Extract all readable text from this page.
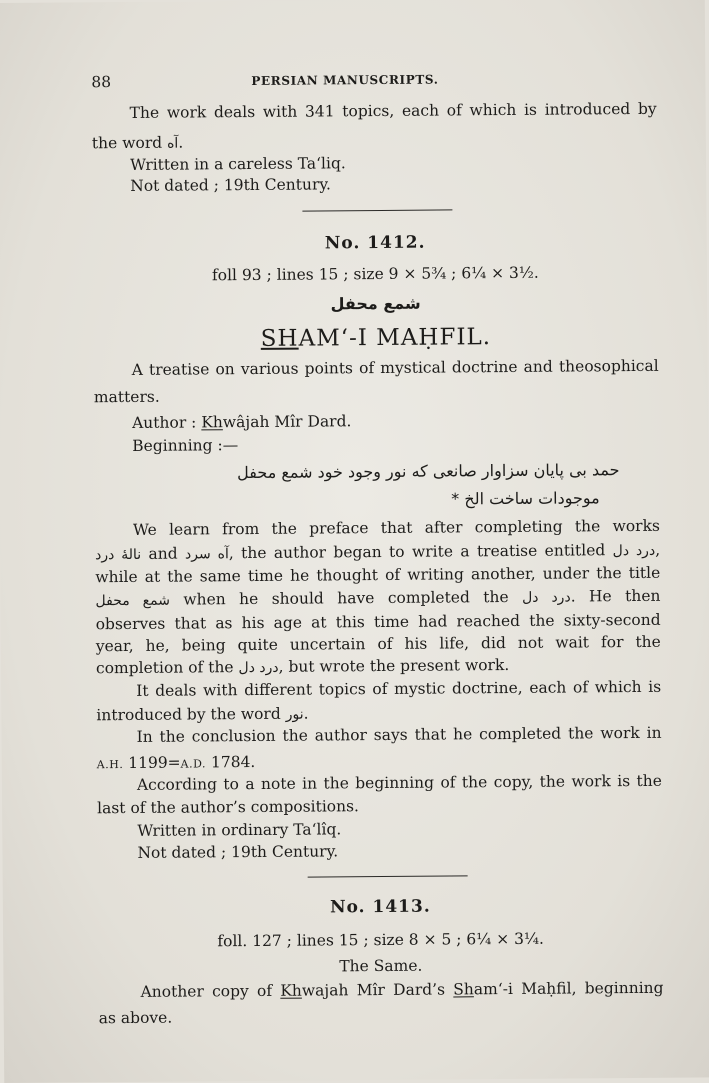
88	PERSIAN MANUSCRIPTS.
The work deals with 341 topics, each of which is introduced by
the word آه.
Written in a careless Ta‘liq.
Not dated ; 19th Century.
No. 1412.
foll 93 ; lines 15 ; size 9 × 5¾ ; 6¼ × 3½.
شمع محفل
SHAM‘-I MAḤFIL.
A treatise on various points of mystical doctrine and theosophical
matters.
Author : Khwâjah Mîr Dard.
Beginning :—
حمد بی پایان سزاوار صانعی که نور وجود خود شمع محفل
موجودات ساخت الخ *
We learn from the preface that after completing the works
نالهٔ درد and آه سرد, the author began to write a treatise entitled درد دل,
while at the same time he thought of writing another, under the title
شمع محفل when he should have completed the درد دل. He then
observes that as his age at this time had reached the sixty-second
year, he, being quite uncertain of his life, did not wait for the
completion of the درد دل, but wrote the present work.
It deals with different topics of mystic doctrine, each of which is
introduced by the word نور.
In the conclusion the author says that he completed the work in
A.H. 1199=A.D. 1784.
According to a note in the beginning of the copy, the work is the
last of the author’s compositions.
Written in ordinary Ta‘lîq.
Not dated ; 19th Century.
No. 1413.
foll. 127 ; lines 15 ; size 8 × 5 ; 6¼ × 3¼.
The Same.
Another copy of Khwajah Mîr Dard’s Sham‘-i Maḥfil, beginning
as above.
